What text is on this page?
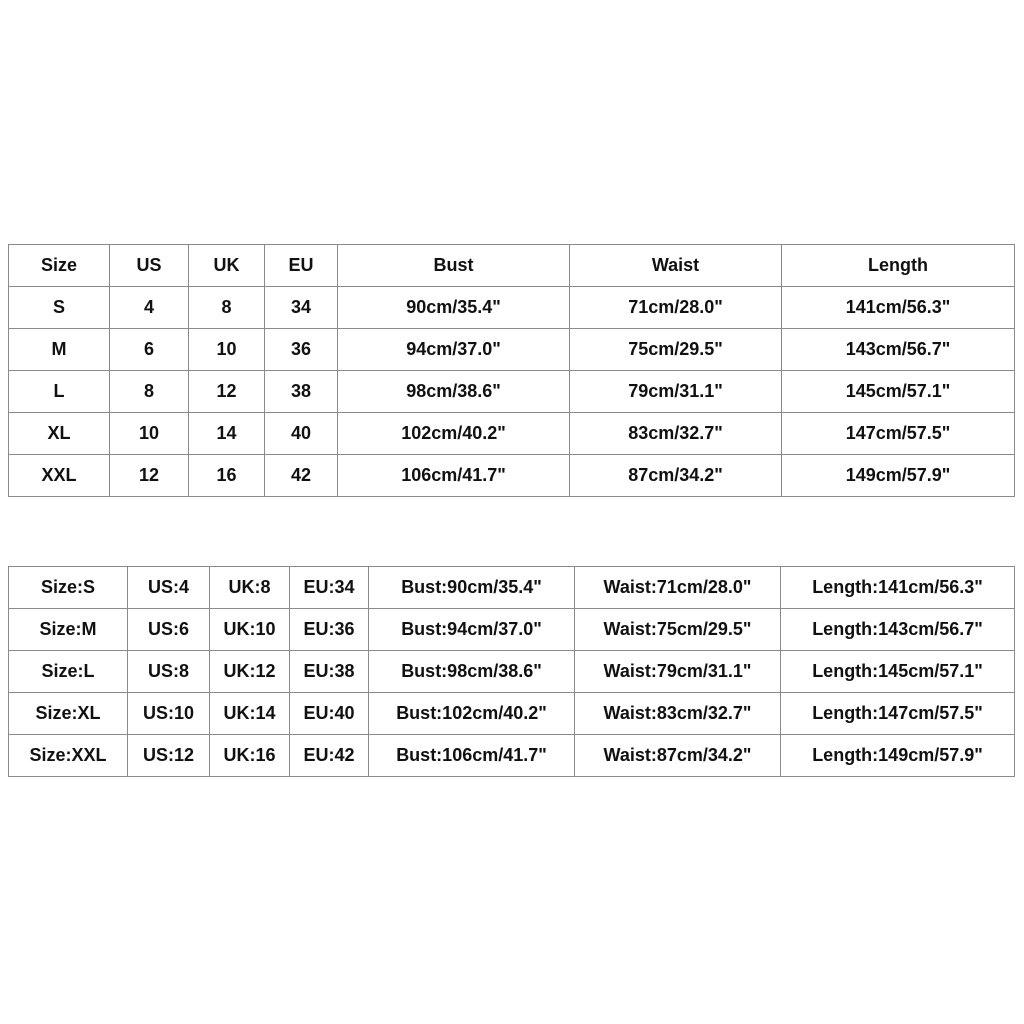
Size	US	UK	EU	Bust	Waist	Length
S	4	8	34	90cm/35.4"	71cm/28.0"	141cm/56.3"
M	6	10	36	94cm/37.0"	75cm/29.5"	143cm/56.7"
L	8	12	38	98cm/38.6"	79cm/31.1"	145cm/57.1"
XL	10	14	40	102cm/40.2"	83cm/32.7"	147cm/57.5"
XXL	12	16	42	106cm/41.7"	87cm/34.2"	149cm/57.9"
Size:S	US:4	UK:8	EU:34	Bust:90cm/35.4"	Waist:71cm/28.0"	Length:141cm/56.3"
Size:M	US:6	UK:10	EU:36	Bust:94cm/37.0"	Waist:75cm/29.5"	Length:143cm/56.7"
Size:L	US:8	UK:12	EU:38	Bust:98cm/38.6"	Waist:79cm/31.1"	Length:145cm/57.1"
Size:XL	US:10	UK:14	EU:40	Bust:102cm/40.2"	Waist:83cm/32.7"	Length:147cm/57.5"
Size:XXL	US:12	UK:16	EU:42	Bust:106cm/41.7"	Waist:87cm/34.2"	Length:149cm/57.9"
